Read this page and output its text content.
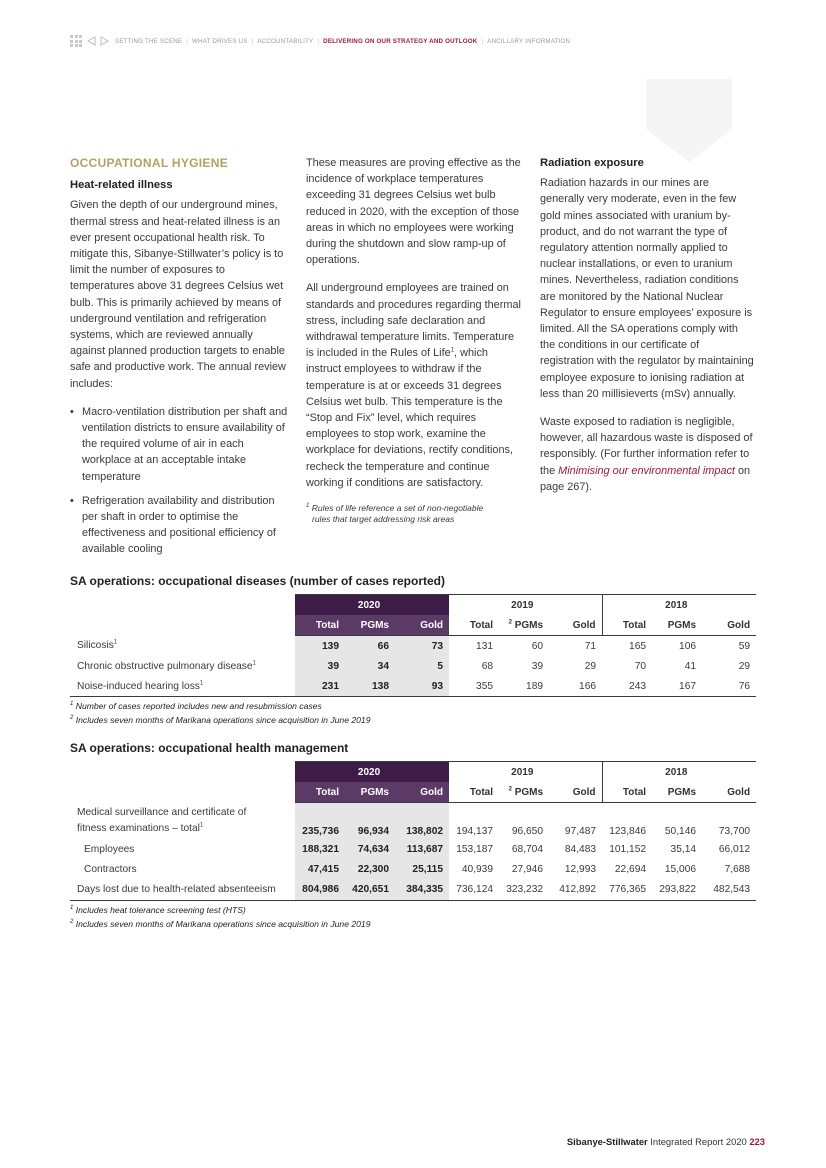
SETTING THE SCENE | WHAT DRIVES US | ACCOUNTABILITY | DELIVERING ON OUR STRATEGY AND OUTLOOK | ANCILLARY INFORMATION
OCCUPATIONAL HYGIENE
Heat-related illness

Given the depth of our underground mines, thermal stress and heat-related illness is an ever present occupational health risk. To mitigate this, Sibanye-Stillwater’s policy is to limit the number of exposures to temperatures above 31 degrees Celsius wet bulb. This is primarily achieved by means of underground ventilation and refrigeration systems, which are reviewed annually against planned production targets to enable safe and productive work. The annual review includes:

• Macro-ventilation distribution per shaft and ventilation districts to ensure availability of the required volume of air in each workplace at an acceptable intake temperature
• Refrigeration availability and distribution per shaft in order to optimise the effectiveness and positional efficiency of available cooling

These measures are proving effective as the incidence of workplace temperatures exceeding 31 degrees Celsius wet bulb reduced in 2020, with the exception of those areas in which no employees were working during the shutdown and slow ramp-up of operations.

All underground employees are trained on standards and procedures regarding thermal stress, including safe declaration and withdrawal temperature limits. Temperature is included in the Rules of Life$^1$, which instruct employees to withdraw if the temperature is at or exceeds 31 degrees Celsius wet bulb. This temperature is the “Stop and Fix” level, which requires employees to stop work, examine the workplace for deviations, rectify conditions, recheck the temperature and continue working if conditions are satisfactory.

$^1$ Rules of life reference a set of non-negotiable
rules that target addressing risk areas
Radiation exposure

Radiation hazards in our mines are generally very moderate, even in the few gold mines associated with uranium by-product, and do not warrant the type of regulatory attention normally applied to nuclear installations, or even to uranium mines. Nevertheless, radiation conditions are monitored by the National Nuclear Regulator to ensure employees’ exposure is limited. All the SA operations comply with the conditions in our certificate of registration with the regulator by maintaining employee exposure to ionising radiation at less than 20 millisieverts (mSv) annually.

Waste exposed to radiation is negligible, however, all hazardous waste is disposed of responsibly. (For further information refer to the Minimising our environmental impact on page 267).

SA operations: occupational diseases (number of cases reported)
	2020			2019			2018		
	Total	PGMs	Gold	Total	$^2$ PGMs	Gold	Total	PGMs	Gold
Silicosis$^1$	139	66	73	131	60	71	165	106	59
Chronic obstructive pulmonary disease$^1$	39	34	5	68	39	29	70	41	29
Noise-induced hearing loss$^1$	231	138	93	355	189	166	243	167	76
$^1$ Number of cases reported includes new and resubmission cases
$^2$ Includes seven months of Marikana operations since acquisition in June 2019
SA operations: occupational health management
	2020			2019			2018		
	Total	PGMs	Gold	Total	$^2$ PGMs	Gold	Total	PGMs	Gold
Medical surveillance and certificate of
fitness examinations – total$^1$	235,736	96,934	138,802	194,137	96,650	97,487	123,846	50,146	73,700
Employees	188,321	74,634	113,687	153,187	68,704	84,483	101,152	35,14	66,012
Contractors	47,415	22,300	25,115	40,939	27,946	12,993	22,694	15,006	7,688
Days lost due to health-related absenteeism	804,986	420,651	384,335	736,124	323,232	412,892	776,365	293,822	482,543
$^1$ Includes heat tolerance screening test (HTS)
$^2$ Includes seven months of Marikana operations since acquisition in June 2019
Sibanye-Stillwater Integrated Report 2020 223
